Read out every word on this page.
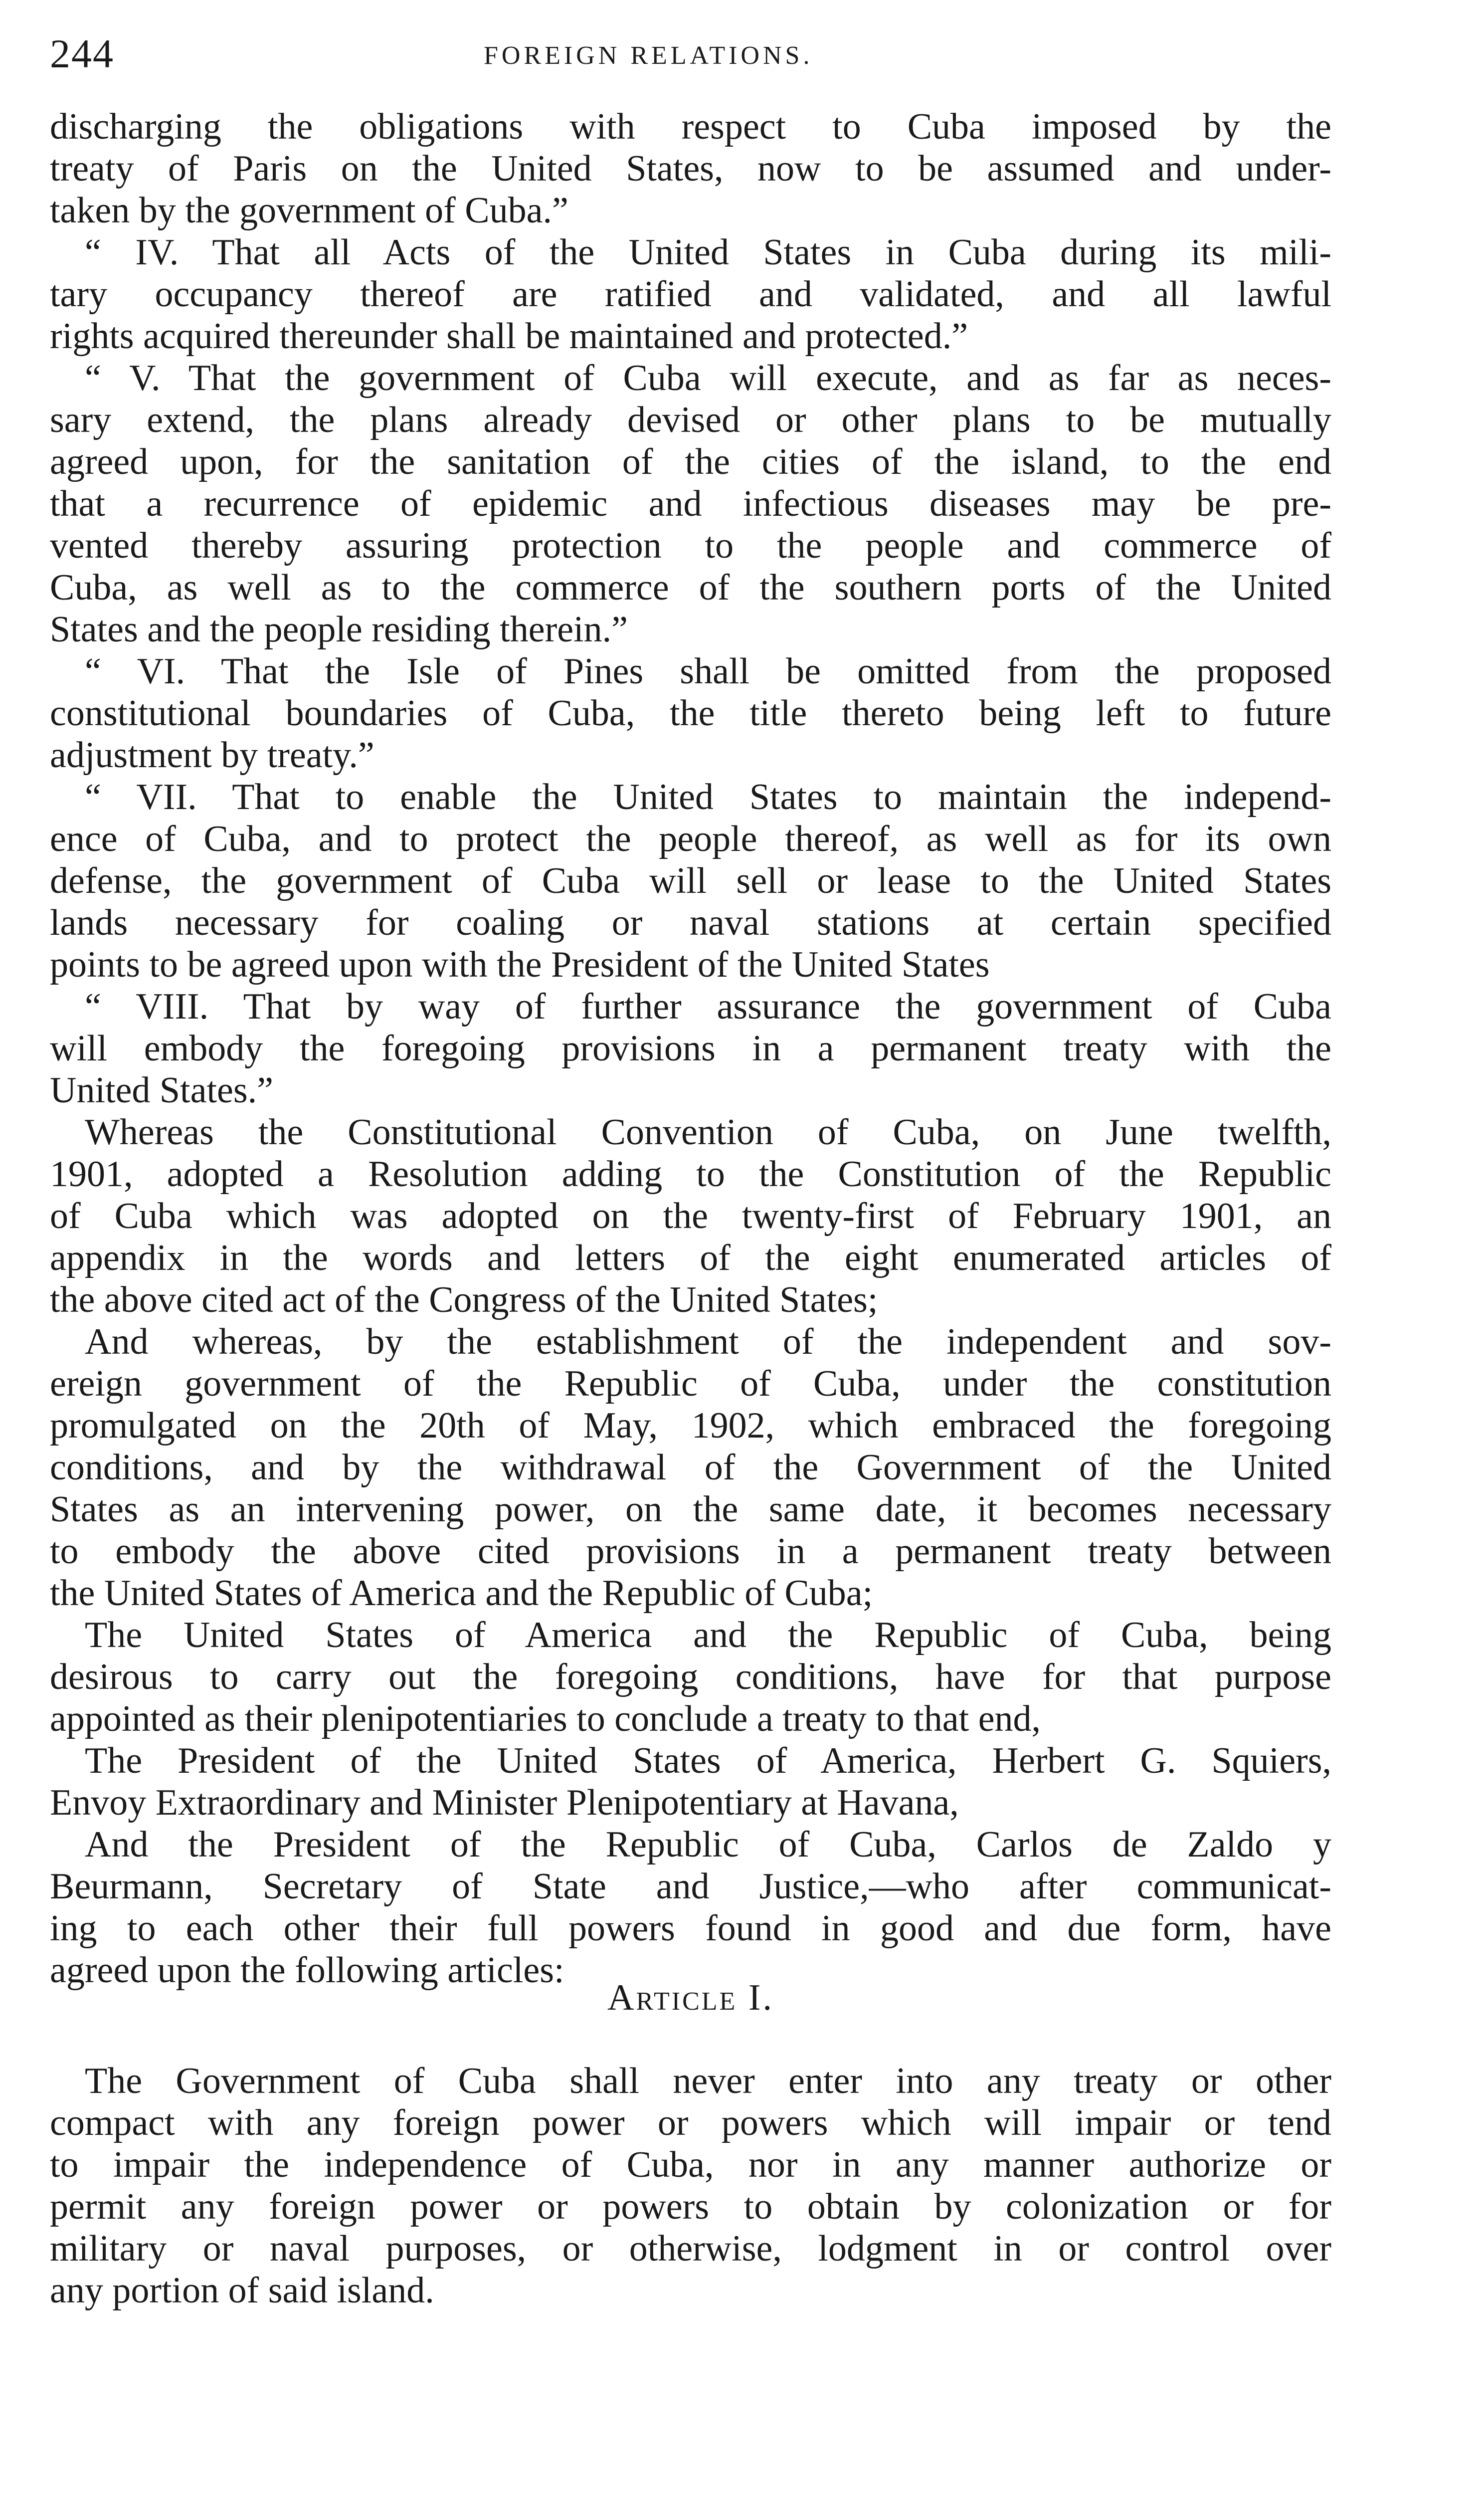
244	FOREIGN RELATIONS.

discharging the obligations with respect to Cuba imposed by the

treaty of Paris on the United States, now to be assumed and under-

taken by the government of Cuba.”

“ IV. That all Acts of the United States in Cuba during its mili-

tary occupancy thereof are ratified and validated, and all lawful

rights acquired thereunder shall be maintained and protected.”

“ V. That the government of Cuba will execute, and as far as neces-

sary extend, the plans already devised or other plans to be mutually

agreed upon, for the sanitation of the cities of the island, to the end

that a recurrence of epidemic and infectious diseases may be pre-

vented thereby assuring protection to the people and commerce of

Cuba, as well as to the commerce of the southern ports of the United

States and the people residing therein.”

“ VI. That the Isle of Pines shall be omitted from the proposed

constitutional boundaries of Cuba, the title thereto being left to future

adjustment by treaty.”

“ VII. That to enable the United States to maintain the independ-

ence of Cuba, and to protect the people thereof, as well as for its own

defense, the government of Cuba will sell or lease to the United States

lands necessary for coaling or naval stations at certain specified

points to be agreed upon with the President of the United States

“ VIII. That by way of further assurance the government of Cuba

will embody the foregoing provisions in a permanent treaty with the

United States.”

Whereas the Constitutional Convention of Cuba, on June twelfth,

1901, adopted a Resolution adding to the Constitution of the Republic

of Cuba which was adopted on the twenty-first of February 1901, an

appendix in the words and letters of the eight enumerated articles of

the above cited act of the Congress of the United States;

And whereas, by the establishment of the independent and sov-

ereign government of the Republic of Cuba, under the constitution

promulgated on the 20th of May, 1902, which embraced the foregoing

conditions, and by the withdrawal of the Government of the United

States as an intervening power, on the same date, it becomes necessary

to embody the above cited provisions in a permanent treaty between

the United States of America and the Republic of Cuba;

The United States of America and the Republic of Cuba, being

desirous to carry out the foregoing conditions, have for that purpose

appointed as their plenipotentiaries to conclude a treaty to that end,

The President of the United States of America, Herbert G. Squiers,

Envoy Extraordinary and Minister Plenipotentiary at Havana,

And the President of the Republic of Cuba, Carlos de Zaldo y

Beurmann, Secretary of State and Justice,—who after communicat-

ing to each other their full powers found in good and due form, have

agreed upon the following articles:

Article I.

The Government of Cuba shall never enter into any treaty or other

compact with any foreign power or powers which will impair or tend

to impair the independence of Cuba, nor in any manner authorize or

permit any foreign power or powers to obtain by colonization or for

military or naval purposes, or otherwise, lodgment in or control over

any portion of said island.
